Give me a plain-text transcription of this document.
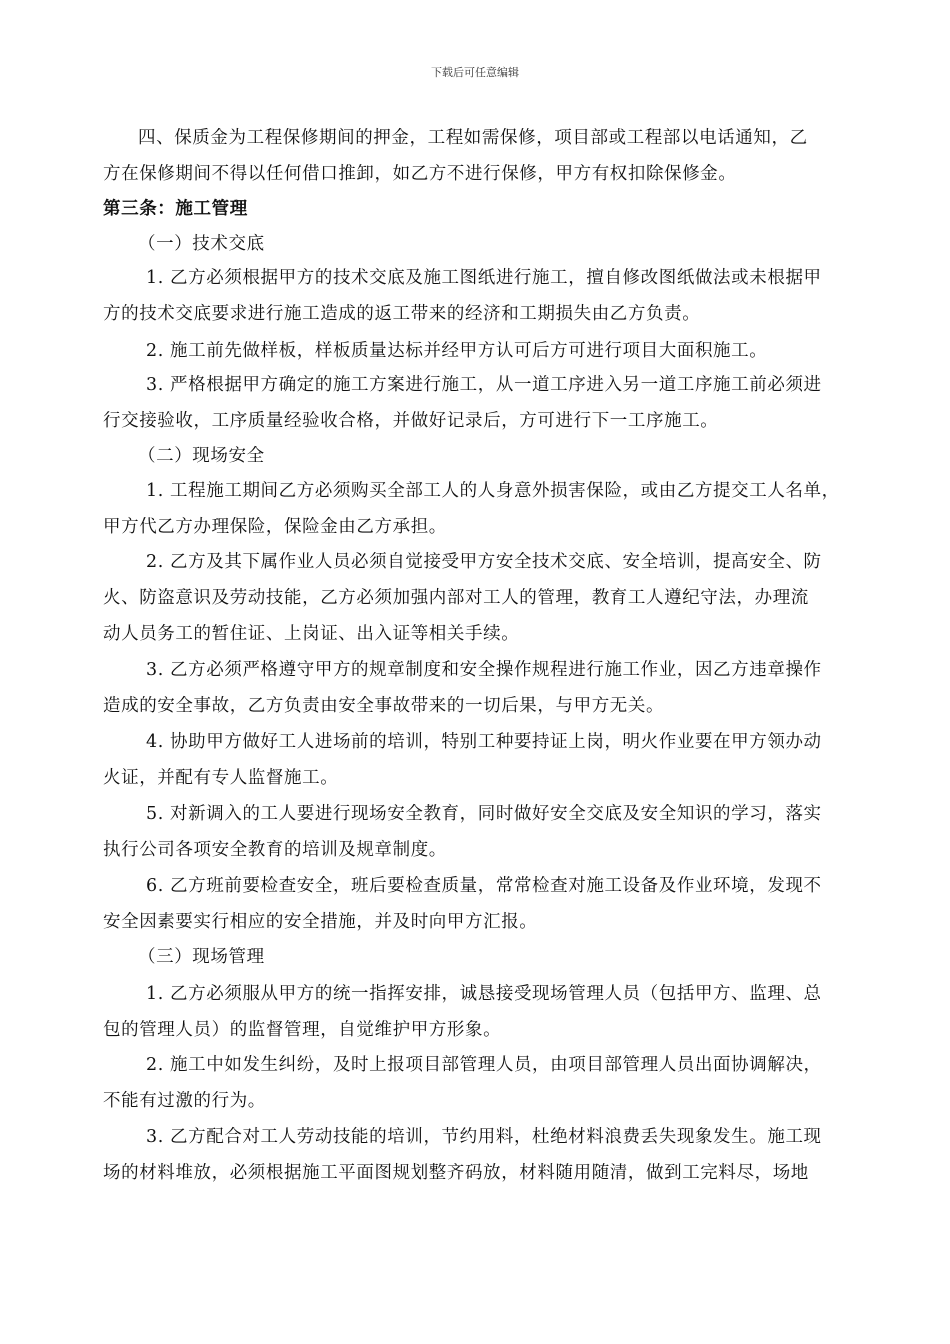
下载后可任意编辑
四、保质金为工程保修期间的押金，工程如需保修，项目部或工程部以电话通知，乙
方在保修期间不得以任何借口推卸，如乙方不进行保修，甲方有权扣除保修金。
第三条：施工管理
（一）技术交底
1. 乙方必须根据甲方的技术交底及施工图纸进行施工，擅自修改图纸做法或未根据甲
方的技术交底要求进行施工造成的返工带来的经济和工期损失由乙方负责。
2. 施工前先做样板，样板质量达标并经甲方认可后方可进行项目大面积施工。
3. 严格根据甲方确定的施工方案进行施工，从一道工序进入另一道工序施工前必须进
行交接验收，工序质量经验收合格，并做好记录后，方可进行下一工序施工。
（二）现场安全
1. 工程施工期间乙方必须购买全部工人的人身意外损害保险，或由乙方提交工人名单，
甲方代乙方办理保险，保险金由乙方承担。
2. 乙方及其下属作业人员必须自觉接受甲方安全技术交底、安全培训，提高安全、防
火、防盗意识及劳动技能，乙方必须加强内部对工人的管理，教育工人遵纪守法，办理流
动人员务工的暂住证、上岗证、出入证等相关手续。
3. 乙方必须严格遵守甲方的规章制度和安全操作规程进行施工作业，因乙方违章操作
造成的安全事故，乙方负责由安全事故带来的一切后果，与甲方无关。
4. 协助甲方做好工人进场前的培训，特别工种要持证上岗，明火作业要在甲方领办动
火证，并配有专人监督施工。
5. 对新调入的工人要进行现场安全教育，同时做好安全交底及安全知识的学习，落实
执行公司各项安全教育的培训及规章制度。
6. 乙方班前要检查安全，班后要检查质量，常常检查对施工设备及作业环境，发现不
安全因素要实行相应的安全措施，并及时向甲方汇报。
（三）现场管理
1. 乙方必须服从甲方的统一指挥安排，诚恳接受现场管理人员（包括甲方、监理、总
包的管理人员）的监督管理，自觉维护甲方形象。
2. 施工中如发生纠纷，及时上报项目部管理人员，由项目部管理人员出面协调解决，
不能有过激的行为。
3. 乙方配合对工人劳动技能的培训，节约用料，杜绝材料浪费丢失现象发生。施工现
场的材料堆放，必须根据施工平面图规划整齐码放，材料随用随清，做到工完料尽，场地
